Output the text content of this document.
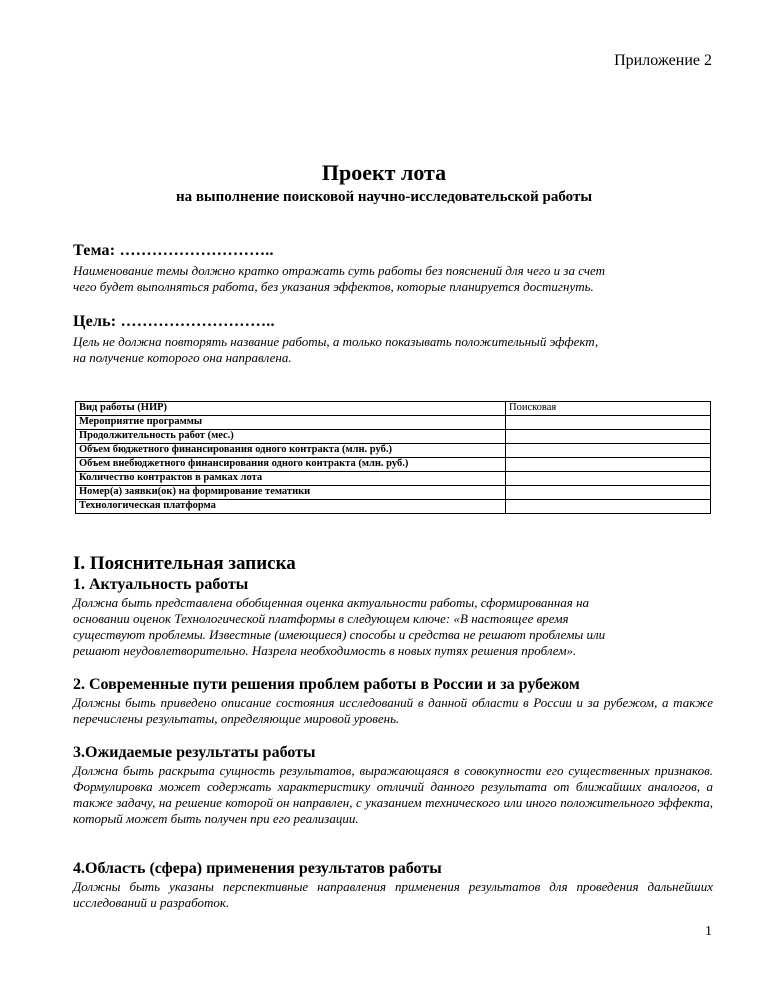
Приложение 2
Проект лота
на выполнение поисковой научно-исследовательской работы
Тема: ………………………..
Наименование темы должно кратко отражать суть работы без пояснений для чего и за счет
чего будет выполняться работа, без указания эффектов, которые планируется достигнуть.
Цель: ………………………..
Цель не должна повторять название работы, а только показывать положительный эффект,
на получение которого она направлена.
Вид работы (НИР)	Поисковая
Мероприятие программы	
Продолжительность работ (мес.)	
Объем бюджетного финансирования одного контракта (млн. руб.)	
Объем внебюджетного финансирования одного контракта (млн. руб.)	
Количество контрактов в рамках лота	
Номер(а) заявки(ок) на формирование тематики	
Технологическая платформа	
I. Пояснительная записка
1. Актуальность работы
Должна быть представлена обобщенная оценка актуальности работы, сформированная на
основании оценок Технологической платформы в следующем ключе: «В настоящее время
существуют проблемы. Известные (имеющиеся) способы и средства не решают проблемы или
решают неудовлетворительно. Назрела необходимость в новых путях решения проблем».
2. Современные пути решения проблем работы в России и за рубежом
Должны быть приведено описание состояния исследований в данной области в России и за рубежом, а также перечислены результаты, определяющие мировой уровень.
3.Ожидаемые результаты работы
Должна быть раскрыта сущность результатов, выражающаяся в совокупности его существенных признаков. Формулировка может содержать характеристику отличий данного результата от ближайших аналогов, а также задачу, на решение которой он направлен, с указанием технического или иного положительного эффекта, который может быть получен при его реализации.
4.Область (сфера) применения результатов работы
Должны быть указаны перспективные направления применения результатов для проведения дальнейших исследований и разработок.
1
